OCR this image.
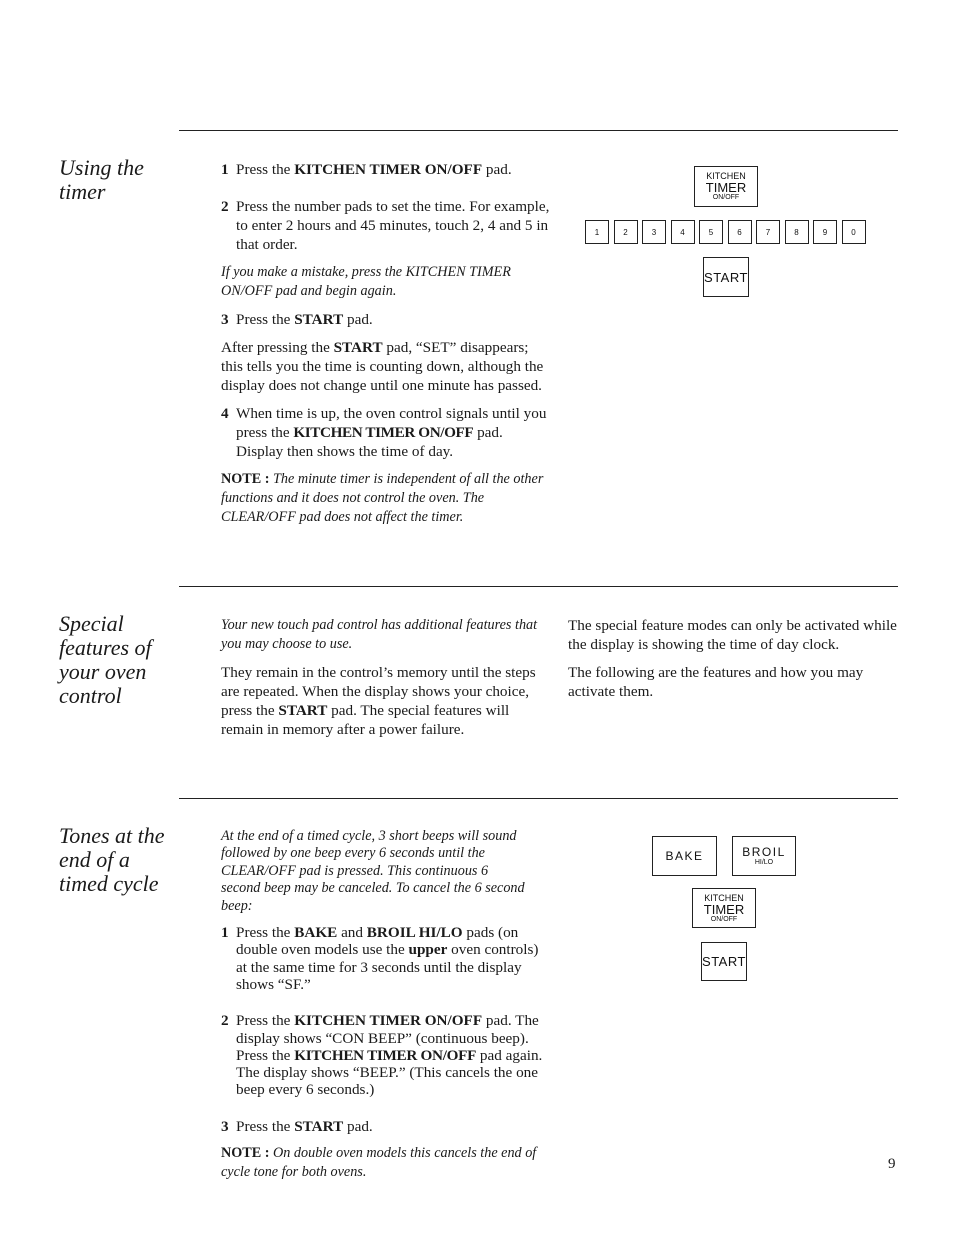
Using the timer

1 Press the KITCHEN TIMER ON/OFF pad.

2 Press the number pads to set the time. For example, to enter 2 hours and 45 minutes, touch 2, 4 and 5 in that order.

If you make a mistake, press the KITCHEN TIMER ON/OFF pad and begin again.

3 Press the START pad.

After pressing the START pad, “SET” disappears; this tells you the time is counting down, although the display does not change until one minute has passed.

4 When time is up, the oven control signals until you press the KITCHEN TIMER ON/OFF pad. Display then shows the time of day.

NOTE : The minute timer is independent of all the other functions and it does not control the oven. The CLEAR/OFF pad does not affect the timer.

KITCHEN
TIMER
ON/OFF
1	2	3	4	5	6	7	8	9	0
START
Special features of your oven control

Your new touch pad control has additional features that you may choose to use.

They remain in the control’s memory until the steps are repeated. When the display shows your choice, press the START pad. The special features will remain in memory after a power failure.

The special feature modes can only be activated while the display is showing the time of day clock.

The following are the features and how you may activate them.

Tones at the end of a timed cycle

At the end of a timed cycle, 3 short beeps will sound followed by one beep every 6 seconds until the CLEAR/OFF pad is pressed. This continuous 6 second beep may be canceled. To cancel the 6 second beep:

1 Press the BAKE and BROIL HI/LO pads (on double oven models use the upper oven controls) at the same time for 3 seconds until the display shows “SF.”

2 Press the KITCHEN TIMER ON/OFF pad. The display shows “CON BEEP” (continuous beep). Press the KITCHEN TIMER ON/OFF pad again. The display shows “BEEP.” (This cancels the one beep every 6 seconds.)

3 Press the START pad.

NOTE : On double oven models this cancels the end of cycle tone for both ovens.

BAKE	BROIL
HI/LO
KITCHEN
TIMER
ON/OFF
START
9
